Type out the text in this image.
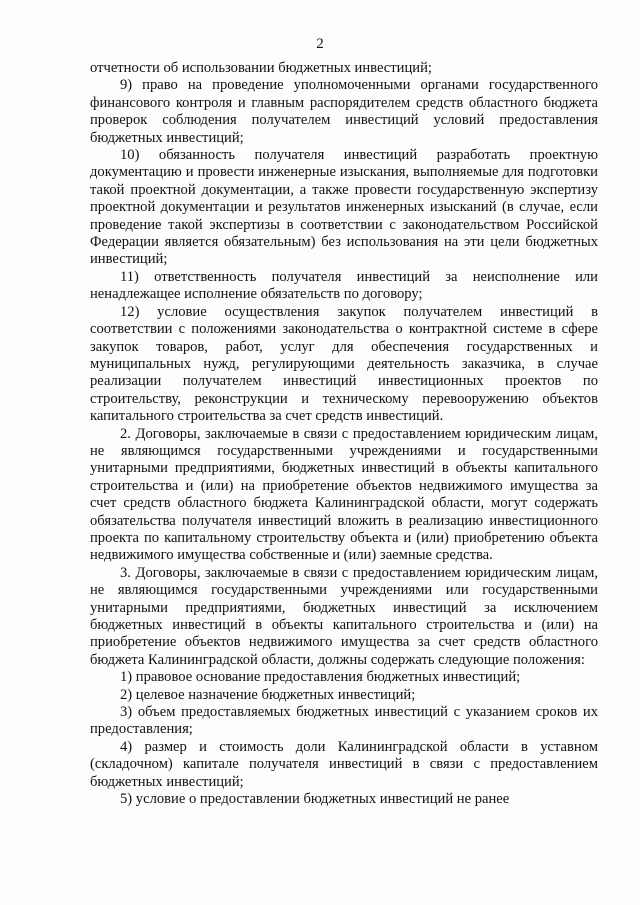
2

отчетности об использовании бюджетных инвестиций;

9) право на проведение уполномоченными органами государственного финансового контроля и главным распорядителем средств областного бюджета проверок соблюдения получателем инвестиций условий предоставления бюджетных инвестиций;

10) обязанность получателя инвестиций разработать проектную документацию и провести инженерные изыскания, выполняемые для подготовки такой проектной документации, а также провести государственную экспертизу проектной документации и результатов инженерных изысканий (в случае, если проведение такой экспертизы в соответствии с законодательством Российской Федерации является обязательным) без использования на эти цели бюджетных инвестиций;

11) ответственность получателя инвестиций за неисполнение или ненадлежащее исполнение обязательств по договору;

12) условие осуществления закупок получателем инвестиций в соответствии с положениями законодательства о контрактной системе в сфере закупок товаров, работ, услуг для обеспечения государственных и муниципальных нужд, регулирующими деятельность заказчика, в случае реализации получателем инвестиций инвестиционных проектов по строительству, реконструкции и техническому перевооружению объектов капитального строительства за счет средств инвестиций.

2. Договоры, заключаемые в связи с предоставлением юридическим лицам, не являющимся государственными учреждениями и государственными унитарными предприятиями, бюджетных инвестиций в объекты капитального строительства и (или) на приобретение объектов недвижимого имущества за счет средств областного бюджета Калининградской области, могут содержать обязательства получателя инвестиций вложить в реализацию инвестиционного проекта по капитальному строительству объекта и (или) приобретению объекта недвижимого имущества собственные и (или) заемные средства.

3. Договоры, заключаемые в связи с предоставлением юридическим лицам, не являющимся государственными учреждениями или государственными унитарными предприятиями, бюджетных инвестиций за исключением бюджетных инвестиций в объекты капитального строительства и (или) на приобретение объектов недвижимого имущества за счет средств областного бюджета Калининградской области, должны содержать следующие положения:

1) правовое основание предоставления бюджетных инвестиций;

2) целевое назначение бюджетных инвестиций;

3) объем предоставляемых бюджетных инвестиций с указанием сроков их предоставления;

4) размер и стоимость доли Калининградской области в уставном (складочном) капитале получателя инвестиций в связи с предоставлением бюджетных инвестиций;

5) условие о предоставлении бюджетных инвестиций не ранее
